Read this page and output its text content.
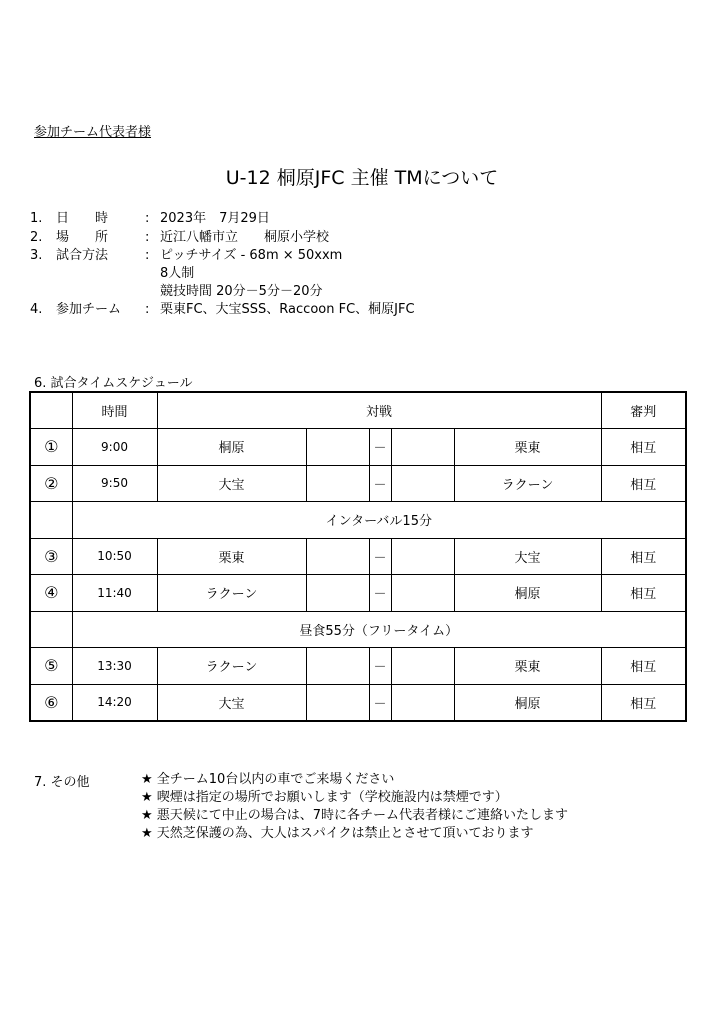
参加チーム代表者様
U-12 桐原JFC 主催 TMについて
1. 日　　時	: 2023年　7月29日
2. 場　　所	: 近江八幡市立　　桐原小学校
3. 試合方法	: ピッチサイズ - 68m × 50xxm
8人制
競技時間 20分－5分－20分
4. 参加チーム : 栗東FC、大宝SSS、Raccoon FC、桐原JFC
6. 試合タイムスケジュール
	時間	対戦					審判
①	9:00	桐原		－		栗東	相互
②	9:50	大宝		－		ラクーン	相互
	インターバル15分						
③	10:50	栗東		－		大宝	相互
④	11:40	ラクーン		－		桐原	相互
	昼食55分（フリータイム）						
⑤	13:30	ラクーン		－		栗東	相互
⑥	14:20	大宝		－		桐原	相互
7. その他	★ 全チーム10台以内の車でご来場ください
★ 喫煙は指定の場所でお願いします（学校施設内は禁煙です）
★ 悪天候にて中止の場合は、7時に各チーム代表者様にご連絡いたします
★ 天然芝保護の為、大人はスパイクは禁止とさせて頂いております
